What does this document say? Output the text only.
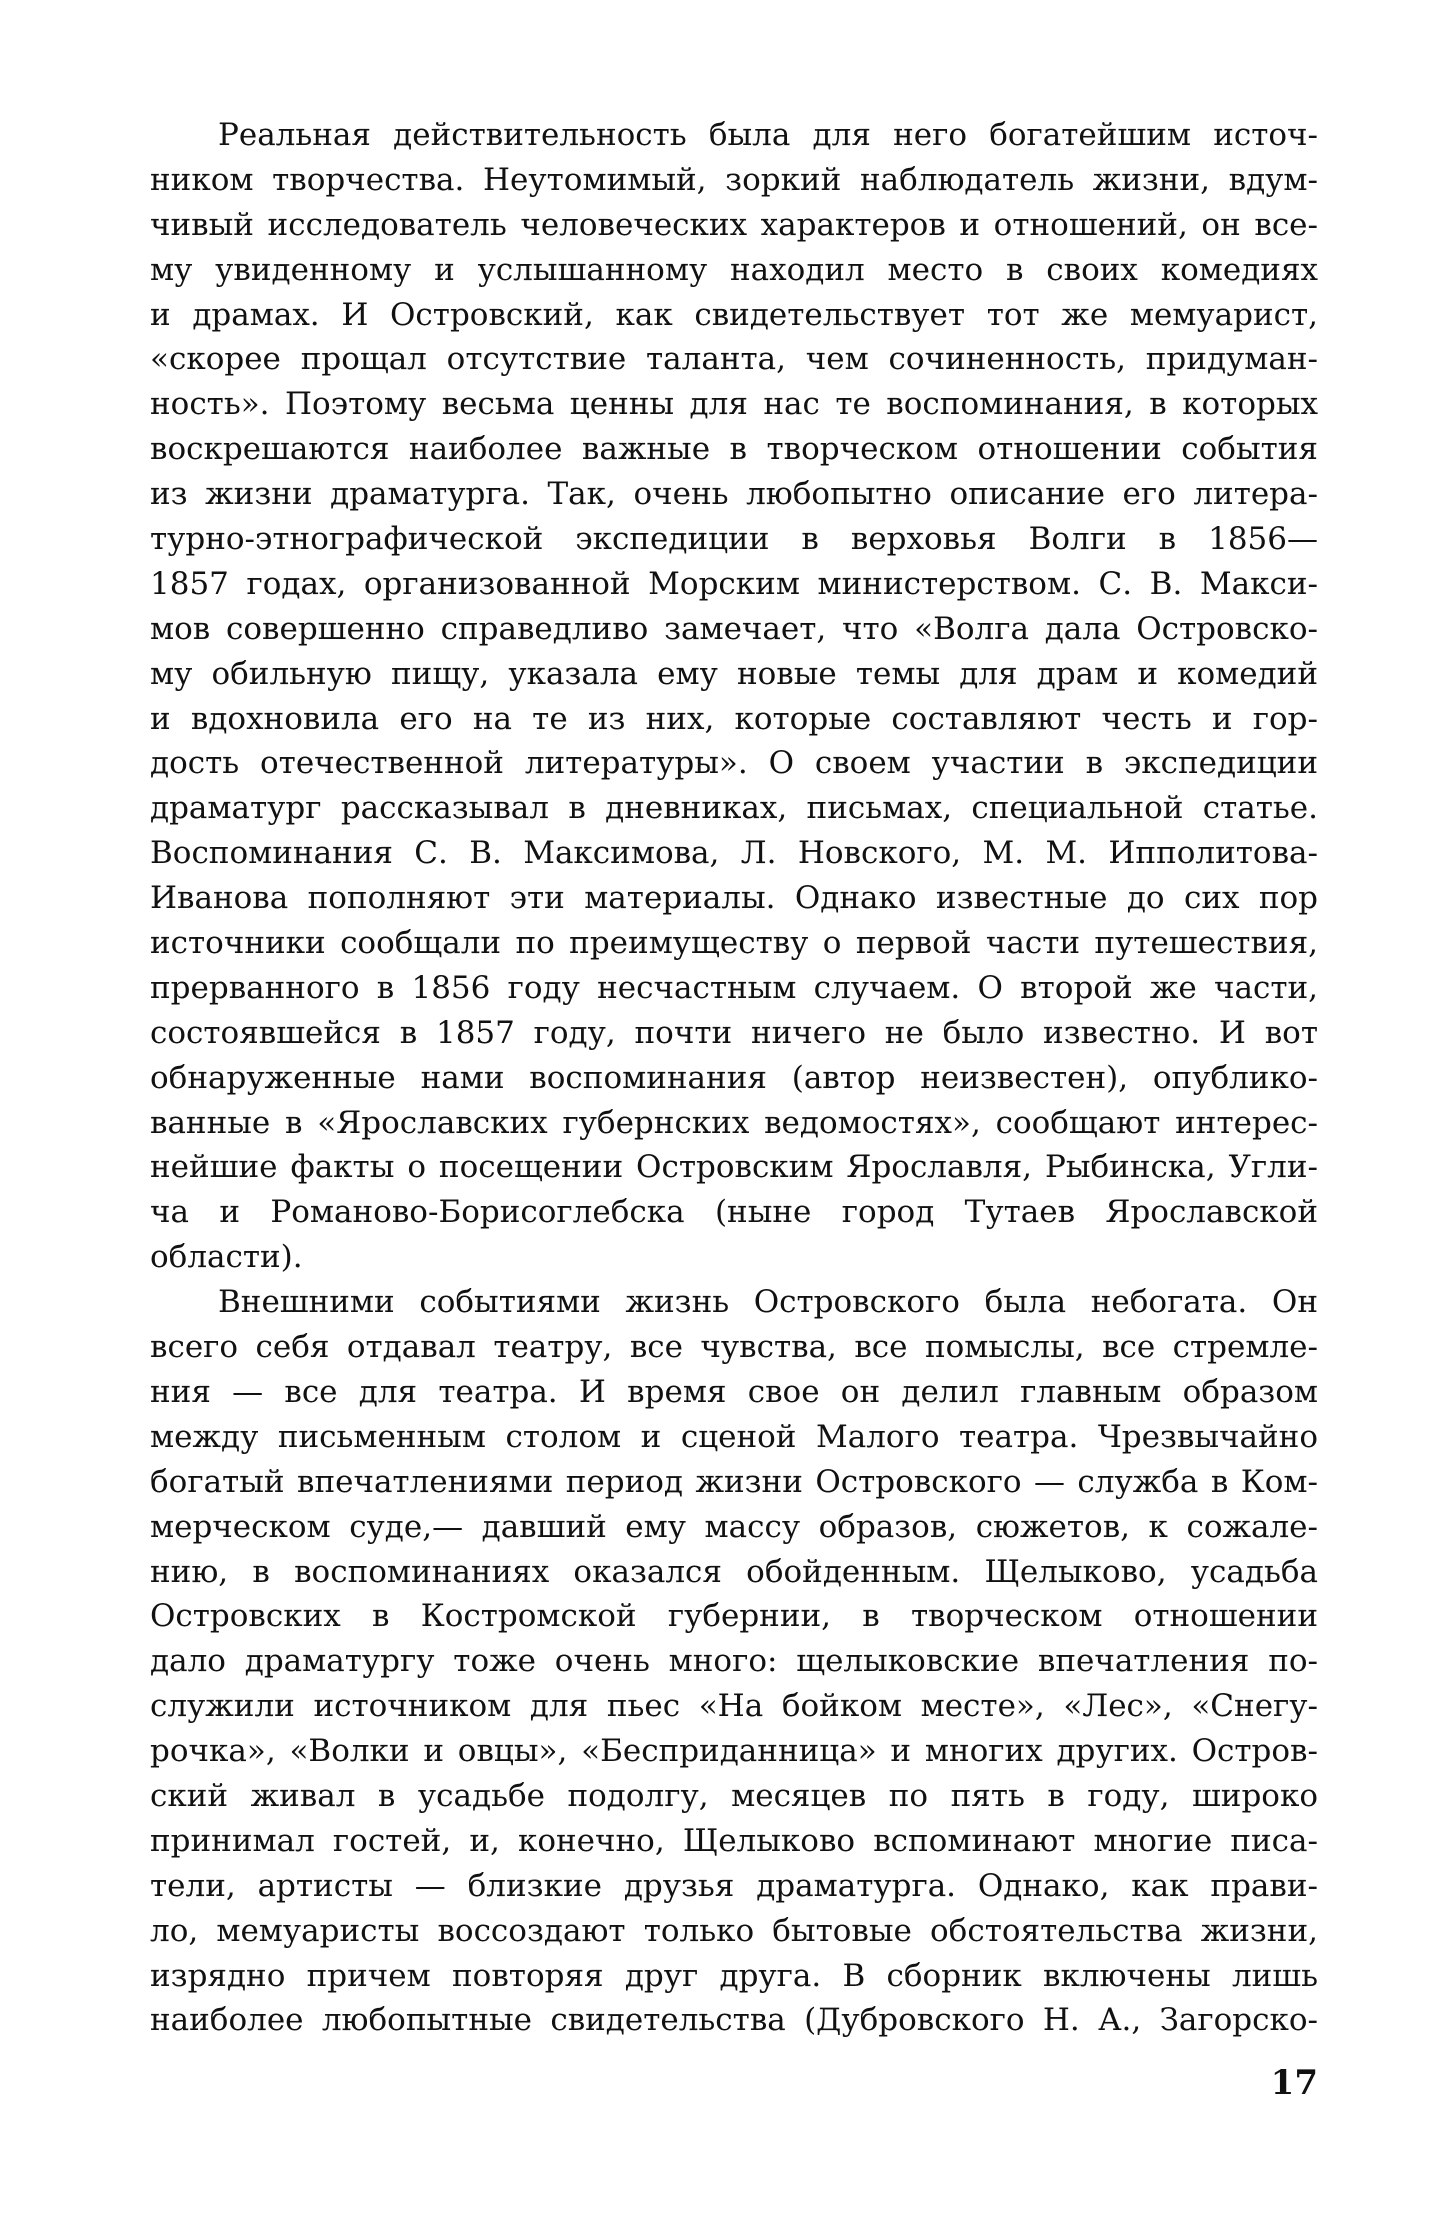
Реальная действительность была для него богатейшим источ-
ником творчества. Неутомимый, зоркий наблюдатель жизни, вдум-
чивый исследователь человеческих характеров и отношений, он все-
му увиденному и услышанному находил место в своих комедиях
и драмах. И Островский, как свидетельствует тот же мемуарист,
«скорее прощал отсутствие таланта, чем сочиненность, придуман-
ность». Поэтому весьма ценны для нас те воспоминания, в которых
воскрешаются наиболее важные в творческом отношении события
из жизни драматурга. Так, очень любопытно описание его литера-
турно-этнографической экспедиции в верховья Волги в 1856—
1857 годах, организованной Морским министерством. С. В. Макси-
мов совершенно справедливо замечает, что «Волга дала Островско-
му обильную пищу, указала ему новые темы для драм и комедий
и вдохновила его на те из них, которые составляют честь и гор-
дость отечественной литературы». О своем участии в экспедиции
драматург рассказывал в дневниках, письмах, специальной статье.
Воспоминания С. В. Максимова, Л. Новского, М. М. Ипполитова-
Иванова пополняют эти материалы. Однако известные до сих пор
источники сообщали по преимуществу о первой части путешествия,
прерванного в 1856 году несчастным случаем. О второй же части,
состоявшейся в 1857 году, почти ничего не было известно. И вот
обнаруженные нами воспоминания (автор неизвестен), опублико-
ванные в «Ярославских губернских ведомостях», сообщают интерес-
нейшие факты о посещении Островским Ярославля, Рыбинска, Угли-
ча и Романово-Борисоглебска (ныне город Тутаев Ярославской
области).
Внешними событиями жизнь Островского была небогата. Он
всего себя отдавал театру, все чувства, все помыслы, все стремле-
ния — все для театра. И время свое он делил главным образом
между письменным столом и сценой Малого театра. Чрезвычайно
богатый впечатлениями период жизни Островского — служба в Ком-
мерческом суде,— давший ему массу образов, сюжетов, к сожале-
нию, в воспоминаниях оказался обойденным. Щелыково, усадьба
Островских в Костромской губернии, в творческом отношении
дало драматургу тоже очень много: щелыковские впечатления по-
служили источником для пьес «На бойком месте», «Лес», «Снегу-
рочка», «Волки и овцы», «Бесприданница» и многих других. Остров-
ский живал в усадьбе подолгу, месяцев по пять в году, широко
принимал гостей, и, конечно, Щелыково вспоминают многие писа-
тели, артисты — близкие друзья драматурга. Однако, как прави-
ло, мемуаристы воссоздают только бытовые обстоятельства жизни,
изрядно причем повторяя друг друга. В сборник включены лишь
наиболее любопытные свидетельства (Дубровского Н. А., Загорско-
17
